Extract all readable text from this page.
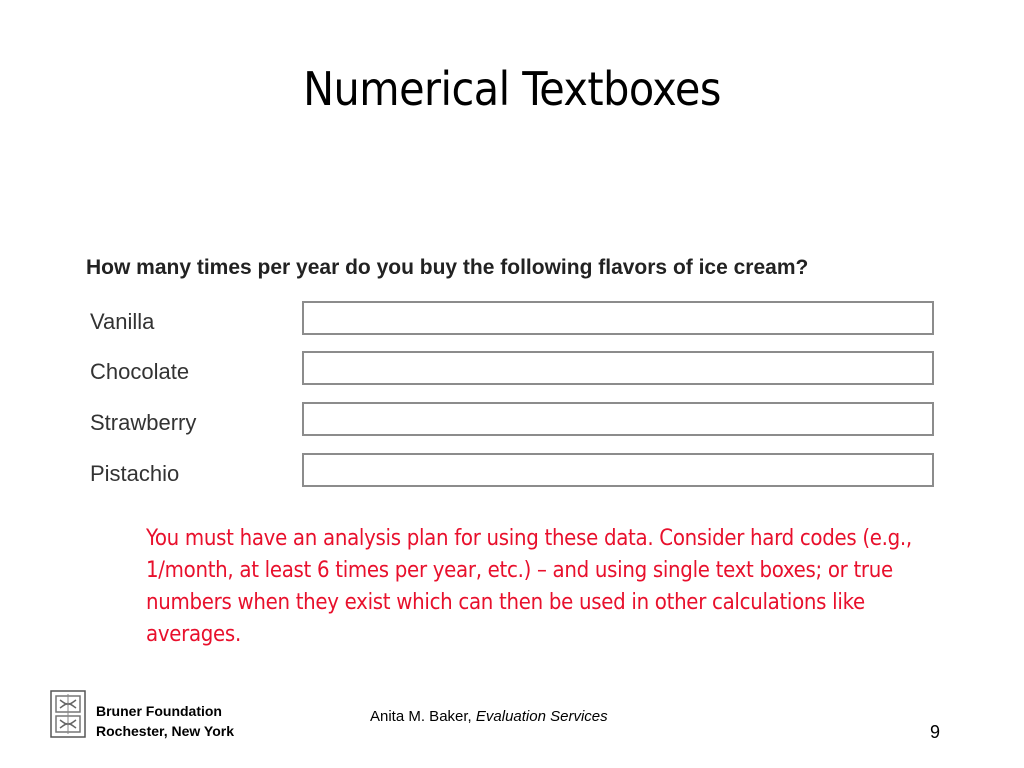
Numerical Textboxes
How many times per year do you buy the following flavors of ice cream?
Vanilla
Chocolate
Strawberry
Pistachio
You must have an analysis plan for using these data. Consider hard codes (e.g., 1/month, at least 6 times per year, etc.) – and using single text boxes; or true numbers when they exist which can then be used in other calculations like averages.
Bruner Foundation
Rochester, New York
Anita M. Baker, Evaluation Services
9
